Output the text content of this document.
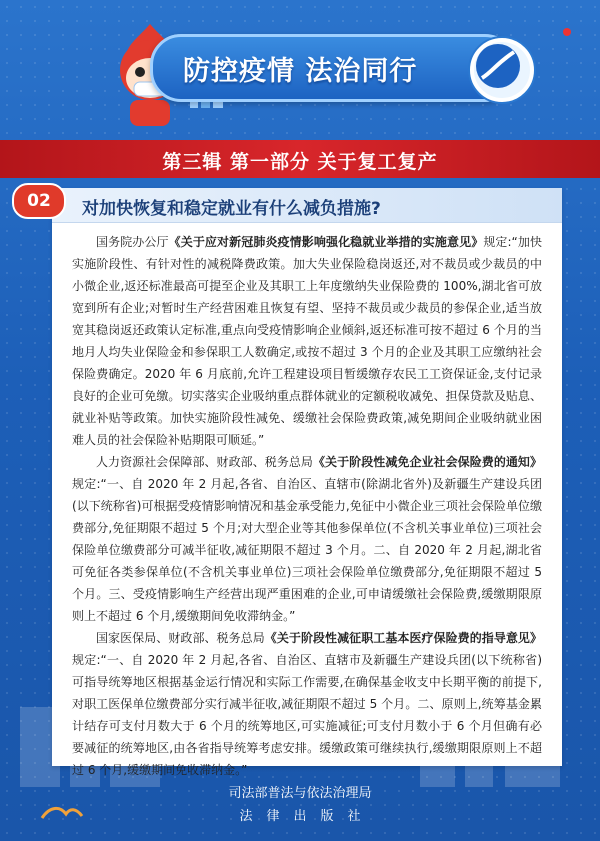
防控疫情 法治同行
第三辑 第一部分 关于复工复产
02	对加快恢复和稳定就业有什么减负措施?

国务院办公厅《关于应对新冠肺炎疫情影响强化稳就业举措的实施意见》规定:“加快实施阶段性、有针对性的减税降费政策。加大失业保险稳岗返还,对不裁员或少裁员的中小微企业,返还标准最高可提至企业及其职工上年度缴纳失业保险费的 100%,湖北省可放宽到所有企业;对暂时生产经营困难且恢复有望、坚持不裁员或少裁员的参保企业,适当放宽其稳岗返还政策认定标准,重点向受疫情影响企业倾斜,返还标准可按不超过 6 个月的当地月人均失业保险金和参保职工人数确定,或按不超过 3 个月的企业及其职工应缴纳社会保险费确定。2020 年 6 月底前,允许工程建设项目暂缓缴存农民工工资保证金,支付记录良好的企业可免缴。切实落实企业吸纳重点群体就业的定额税收减免、担保贷款及贴息、就业补贴等政策。加快实施阶段性减免、缓缴社会保险费政策,减免期间企业吸纳就业困难人员的社会保险补贴期限可顺延。”

人力资源社会保障部、财政部、税务总局《关于阶段性减免企业社会保险费的通知》规定:“一、自 2020 年 2 月起,各省、自治区、直辖市(除湖北省外)及新疆生产建设兵团(以下统称省)可根据受疫情影响情况和基金承受能力,免征中小微企业三项社会保险单位缴费部分,免征期限不超过 5 个月;对大型企业等其他参保单位(不含机关事业单位)三项社会保险单位缴费部分可减半征收,减征期限不超过 3 个月。二、自 2020 年 2 月起,湖北省可免征各类参保单位(不含机关事业单位)三项社会保险单位缴费部分,免征期限不超过 5 个月。三、受疫情影响生产经营出现严重困难的企业,可申请缓缴社会保险费,缓缴期限原则上不超过 6 个月,缓缴期间免收滞纳金。”

国家医保局、财政部、税务总局《关于阶段性减征职工基本医疗保险费的指导意见》规定:“一、自 2020 年 2 月起,各省、自治区、直辖市及新疆生产建设兵团(以下统称省)可指导统筹地区根据基金运行情况和实际工作需要,在确保基金收支中长期平衡的前提下,对职工医保单位缴费部分实行减半征收,减征期限不超过 5 个月。二、原则上,统筹基金累计结存可支付月数大于 6 个月的统筹地区,可实施减征;可支付月数小于 6 个月但确有必要减征的统筹地区,由各省指导统筹考虑安排。缓缴政策可继续执行,缓缴期限原则上不超过 6 个月,缓缴期间免收滞纳金。”

司法部普法与依法治理局
法律出版社
